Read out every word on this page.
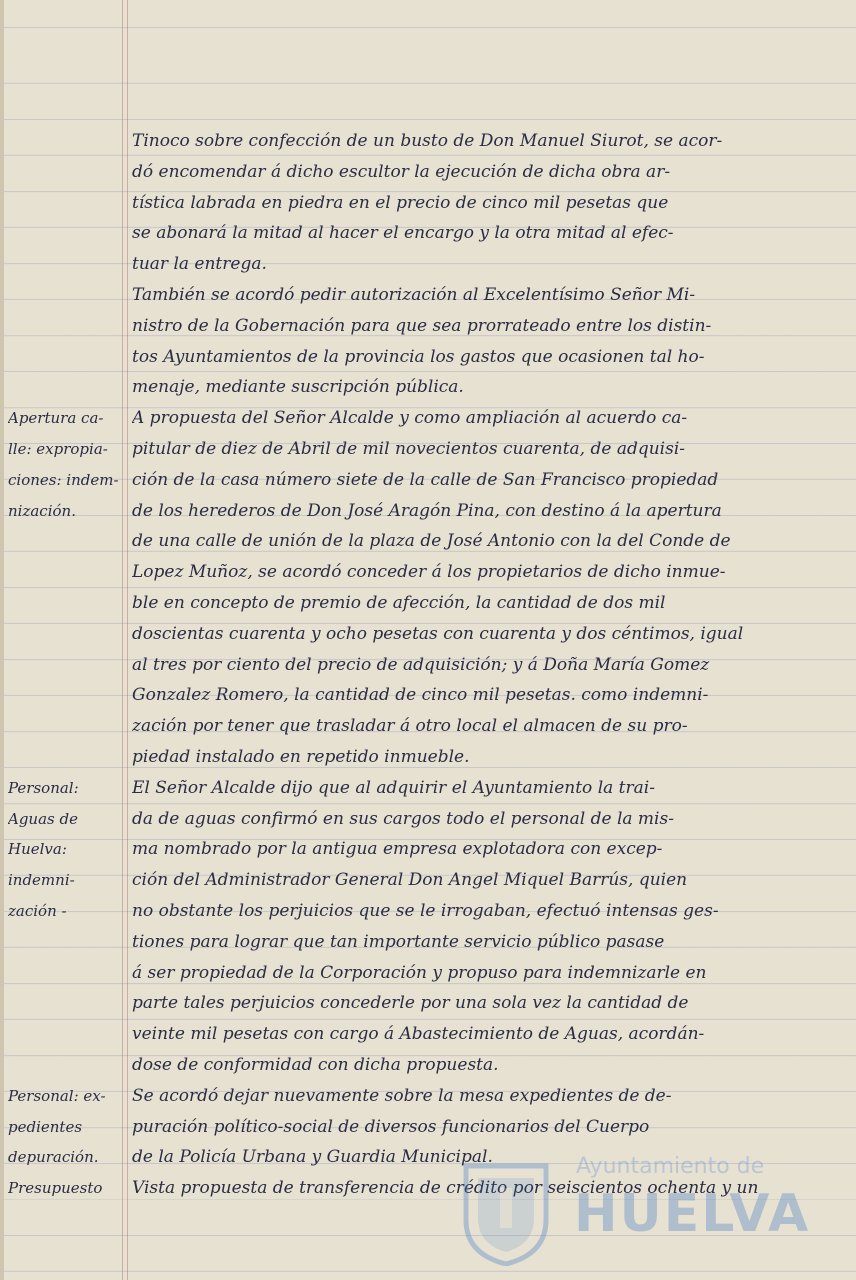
Tinoco sobre confección de un busto de Don Manuel Siurot, se acor-
dó encomendar á dicho escultor la ejecución de dicha obra ar-
tística labrada en piedra en el precio de cinco mil pesetas que
se abonará la mitad al hacer el encargo y la otra mitad al efec-
tuar la entrega.
También se acordó pedir autorización al Excelentísimo Señor Mi-
nistro de la Gobernación para que sea prorrateado entre los distin-
tos Ayuntamientos de la provincia los gastos que ocasionen tal ho-
menaje, mediante suscripción pública.
A propuesta del Señor Alcalde y como ampliación al acuerdo ca-
pitular de diez de Abril de mil novecientos cuarenta, de adquisi-
ción de la casa número siete de la calle de San Francisco propiedad
de los herederos de Don José Aragón Pina, con destino á la apertura
de una calle de unión de la plaza de José Antonio con la del Conde de
Lopez Muñoz, se acordó conceder á los propietarios de dicho inmue-
ble en concepto de premio de afección, la cantidad de dos mil
doscientas cuarenta y ocho pesetas con cuarenta y dos céntimos, igual
al tres por ciento del precio de adquisición; y á Doña María Gomez
Gonzalez Romero, la cantidad de cinco mil pesetas. como indemni-
zación por tener que trasladar á otro local el almacen de su pro-
piedad instalado en repetido inmueble.
El Señor Alcalde dijo que al adquirir el Ayuntamiento la trai-
da de aguas confirmó en sus cargos todo el personal de la mis-
ma nombrado por la antigua empresa explotadora con excep-
ción del Administrador General Don Angel Miquel Barrús, quien
no obstante los perjuicios que se le irrogaban, efectuó intensas ges-
tiones para lograr que tan importante servicio público pasase
á ser propiedad de la Corporación y propuso para indemnizarle en
parte tales perjuicios concederle por una sola vez la cantidad de
veinte mil pesetas con cargo á Abastecimiento de Aguas, acordán-
dose de conformidad con dicha propuesta.
Se acordó dejar nuevamente sobre la mesa expedientes de de-
puración político-social de diversos funcionarios del Cuerpo
de la Policía Urbana y Guardia Municipal.
Vista propuesta de transferencia de crédito por seiscientos ochenta y un
Apertura ca-
lle: expropia-
ciones: indem-
nización.
Personal:
Aguas de
Huelva:
indemni-
zación -
Personal: ex-
pedientes
depuración.
Presupuesto
Ayuntamiento de
HUELVA
